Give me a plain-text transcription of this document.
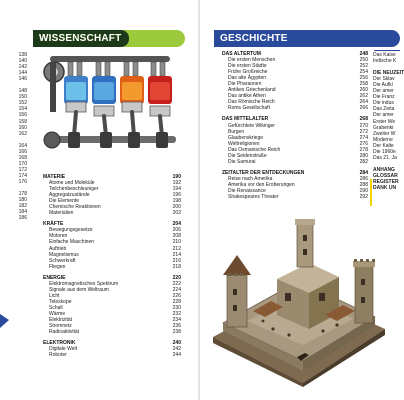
WISSENSCHAFT
138
140
142
144
146
148
150
152
154
156
158
160
162
164
166
168
170
172
174
176
178
180
182
184
186
MATERIE	190
Atome und Moleküle	192
Teilchenbeschleuniger	194
Aggregatzustände	196
Die Elemente	198
Chemische Reaktionen	200
Materialien	202
KRÄFTE	204
Bewegungsgesetze	206
Motoren	208
Einfache Maschinen	210
Auftrieb	212
Magnetismus	214
Schwerkraft	216
Fliegen	218
ENERGIE	220
Elektromagnetisches Spektrum	222
Signale aus dem Weltraum	224
Licht	226
Teleskope	228
Schall	230
Wärme	232
Elektrizität	234
Stromnetz	236
Radioaktivität	238
ELEKTRONIK	240
Digitale Welt	242
Roboter	244
GESCHICHTE
DAS ALTERTUM	248
Die ersten Menschen	250
Die ersten Städte	252
Frühe Großreiche	254
Das alte Ägypten	256
Die Pharaonen	258
Antikes Griechenland	260
Das antike Athen	262
Das Römische Reich	264
Roms Gesellschaft	266
DAS MITTELALTER	268
Gefürchtete Wikinger	270
Burgen	272
Glaubenskriege	274
Weltreligionen	276
Das Osmanische Reich	278
Die Seidenstraße	280
Die Samurai	282
ZEITALTER DER ENTDECKUNGEN	284
Reise nach Amerika	286
Amerika vor den Eroberungen	288
Die Renaissance	290
Shakespeares Theater	292
Das Kaise
Indische K
DIE NEUZEIT
Der Sklav
Die Aufkl
Der amer
Die Franz
Die indus
Das Zeita
Der amer
Erster We
Grabenkr
Zweiter W
Moderne
Der Kalte
Die 1960e
Das 21. Ja
ANHANG
GLOSSAR
REGISTER
DANK UN
